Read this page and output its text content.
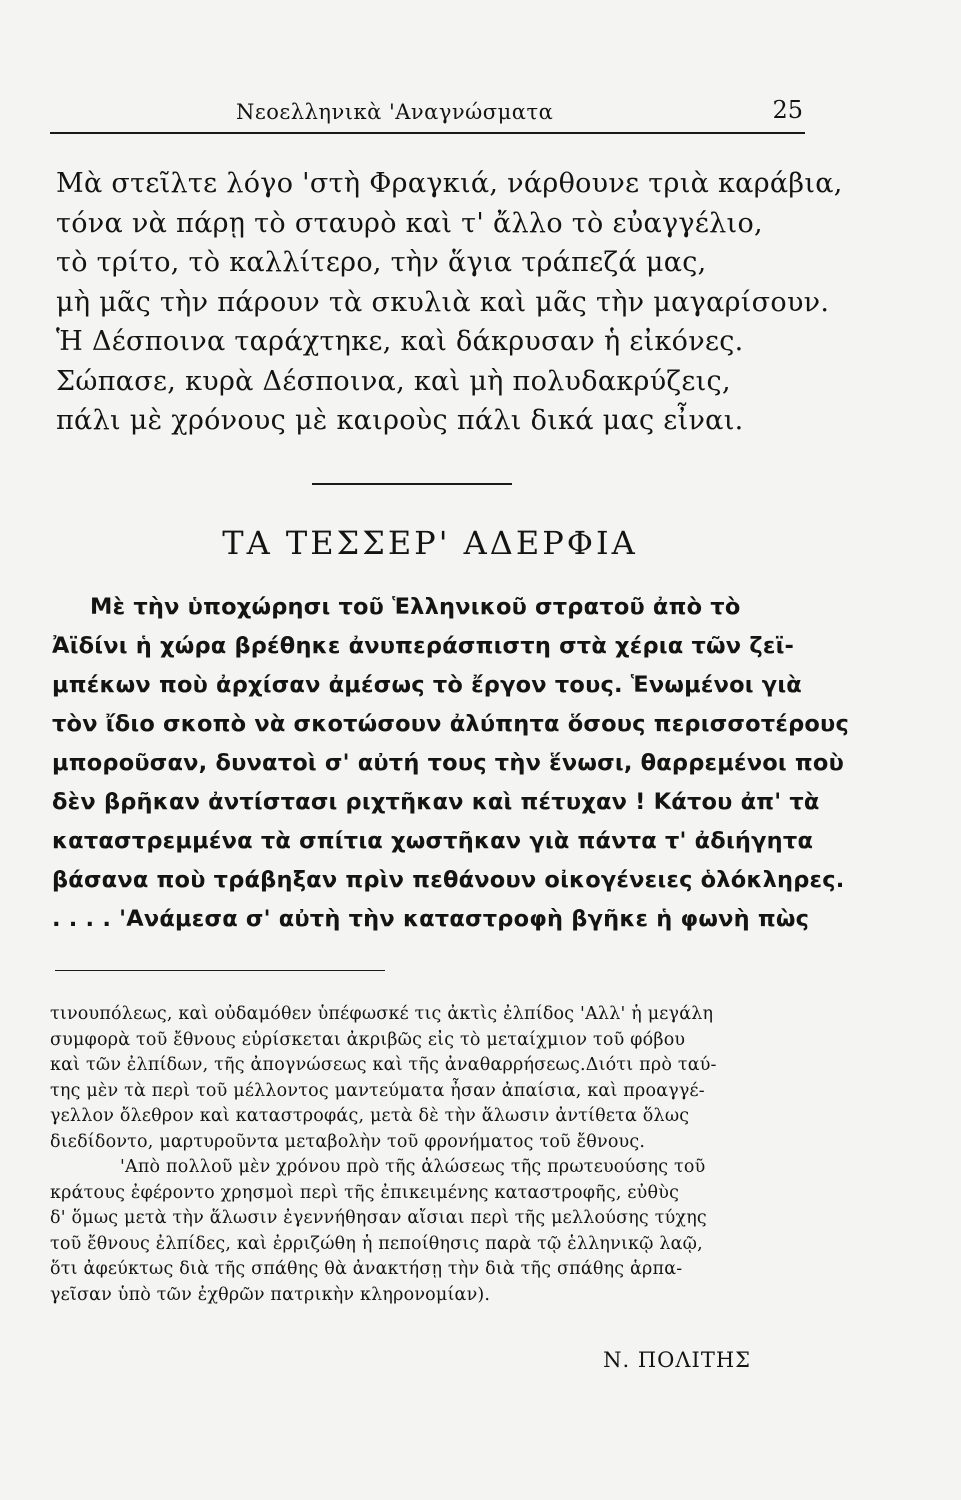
Νεοελληνικὰ 'Αναγνώσματα	25
Μὰ στεῖλτε λόγο 'στὴ Φραγκιά, νάρθουνε τριὰ καράβια,
τόνα νὰ πάρῃ τὸ σταυρὸ καὶ τ' ἄλλο τὸ εὐαγγέλιο,
τὸ τρίτο, τὸ καλλίτερο, τὴν ἅγια τράπεζά μας,
μὴ μᾶς τὴν πάρουν τὰ σκυλιὰ καὶ μᾶς τὴν μαγαρίσουν.
Ἡ Δέσποινα ταράχτηκε, καὶ δάκρυσαν ἡ εἰκόνες.
Σώπασε, κυρὰ Δέσποινα, καὶ μὴ πολυδακρύζεις,
πάλι μὲ χρόνους μὲ καιροὺς πάλι δικά μας εἶναι.
ΤΑ ΤΕΣΣΕΡ' ΑΔΕΡΦΙΑ
Μὲ τὴν ὑποχώρησι τοῦ Ἑλληνικοῦ στρατοῦ ἀπὸ τὸ
Ἀϊδίνι ἡ χώρα βρέθηκε ἀνυπεράσπιστη στὰ χέρια τῶν ζεϊ-
μπέκων ποὺ ἀρχίσαν ἀμέσως τὸ ἔργον τους. Ἑνωμένοι γιὰ
τὸν ἴδιο σκοπὸ νὰ σκοτώσουν ἀλύπητα ὅσους περισσοτέρους
μποροῦσαν, δυνατοὶ σ' αὐτή τους τὴν ἕνωσι, θαρρεμένοι ποὺ
δὲν βρῆκαν ἀντίστασι ριχτῆκαν καὶ πέτυχαν ! Κάτου ἀπ' τὰ
καταστρεμμένα τὰ σπίτια χωστῆκαν γιὰ πάντα τ' ἀδιήγητα
βάσανα ποὺ τράβηξαν πρὶν πεθάνουν οἰκογένειες ὁλόκληρες.
. . . . 'Ανάμεσα σ' αὐτὴ τὴν καταστροφὴ βγῆκε ἡ φωνὴ πὼς
τινουπόλεως, καὶ οὐδαμόθεν ὑπέφωσκέ τις ἀκτὶς ἐλπίδος 'Αλλ' ἡ μεγάλη
συμφορὰ τοῦ ἔθνους εὑρίσκεται ἀκριβῶς εἰς τὸ μεταίχμιον τοῦ φόβου
καὶ τῶν ἐλπίδων, τῆς ἀπογνώσεως καὶ τῆς ἀναθαρρήσεως.Διότι πρὸ ταύ-
της μὲν τὰ περὶ τοῦ μέλλοντος μαντεύματα ἦσαν ἀπαίσια, καὶ προαγγέ-
γελλον ὄλεθρον καὶ καταστροφάς, μετὰ δὲ τὴν ἅλωσιν ἀντίθετα ὅλως
διεδίδοντο, μαρτυροῦντα μεταβολὴν τοῦ φρονήματος τοῦ ἔθνους.
'Απὸ πολλοῦ μὲν χρόνου πρὸ τῆς ἁλώσεως τῆς πρωτευούσης τοῦ
κράτους ἐφέροντο χρησμοὶ περὶ τῆς ἐπικειμένης καταστροφῆς, εὐθὺς
δ' ὅμως μετὰ τὴν ἅλωσιν ἐγεννήθησαν αἴσιαι περὶ τῆς μελλούσης τύχης
τοῦ ἔθνους ἐλπίδες, καὶ ἐρριζώθη ἡ πεποίθησις παρὰ τῷ ἑλληνικῷ λαῷ,
ὅτι ἀφεύκτως διὰ τῆς σπάθης θὰ ἀνακτήσῃ τὴν διὰ τῆς σπάθης ἁρπα-
γεῖσαν ὑπὸ τῶν ἐχθρῶν πατρικὴν κληρονομίαν).
Ν. ΠΟΛΙΤΗΣ
